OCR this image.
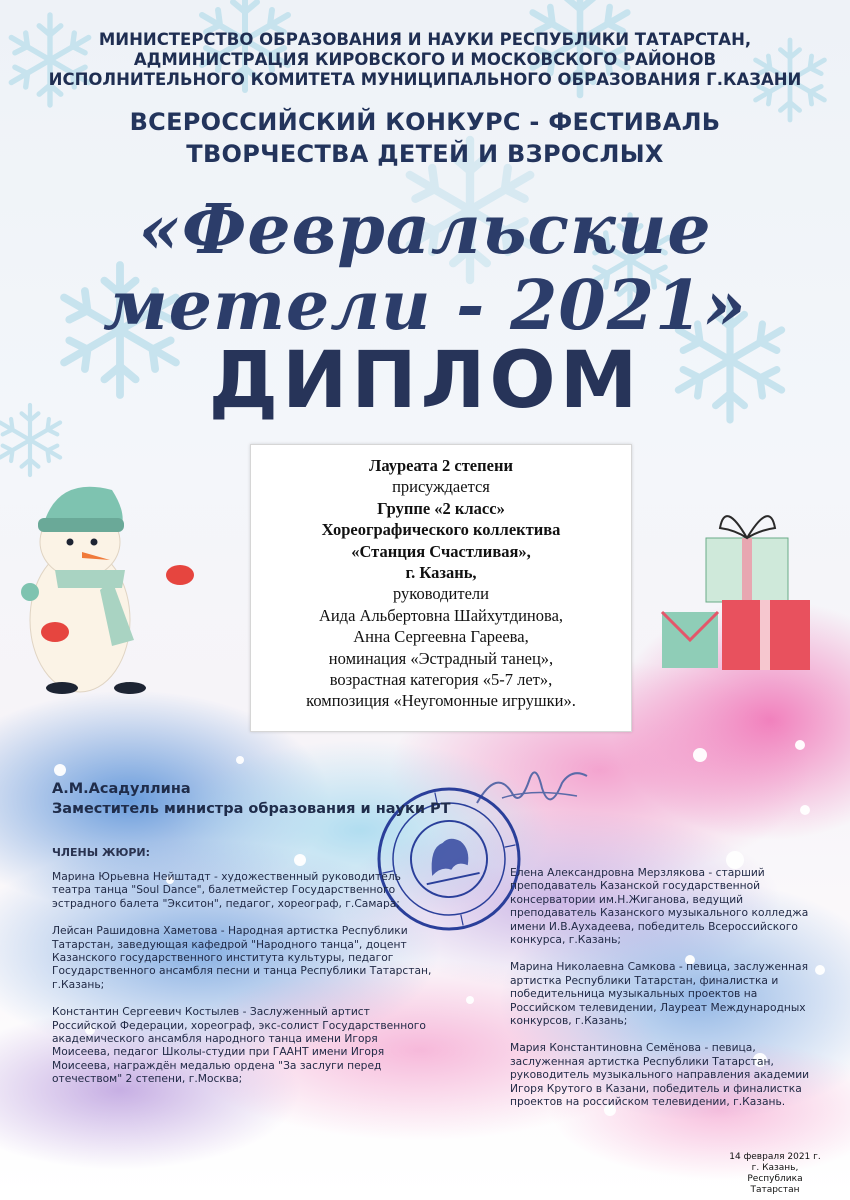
МИНИСТЕРСТВО ОБРАЗОВАНИЯ И НАУКИ РЕСПУБЛИКИ ТАТАРСТАН,
АДМИНИСТРАЦИЯ КИРОВСКОГО И МОСКОВСКОГО РАЙОНОВ
ИСПОЛНИТЕЛЬНОГО КОМИТЕТА МУНИЦИПАЛЬНОГО ОБРАЗОВАНИЯ Г.КАЗАНИ
ВСЕРОССИЙСКИЙ КОНКУРС - ФЕСТИВАЛЬ
ТВОРЧЕСТВА ДЕТЕЙ И ВЗРОСЛЫХ
«Февральские
метели - 2021»
ДИПЛОМ
Лауреата 2 степени
присуждается
Группе «2 класс»
Хореографического коллектива
«Станция Счастливая»,
г. Казань,
руководители
Аида Альбертовна Шайхутдинова,
Анна Сергеевна Гареева,
номинация «Эстрадный танец»,
возрастная категория «5-7 лет»,
композиция «Неугомонные игрушки».
А.М.Асадуллина
Заместитель министра образования и науки РТ
ЧЛЕНЫ ЖЮРИ:

Марина Юрьевна Нейштадт - художественный руководитель театра танца "Soul Dance", балетмейстер Государственного эстрадного балета "Экситон", педагог, хореограф, г.Самара;

Лейсан Рашидовна Хаметова - Народная артистка Республики Татарстан, заведующая кафедрой "Народного танца", доцент Казанского государственного института культуры, педагог Государственного ансамбля песни и танца Республики Татарстан, г.Казань;

Константин Сергеевич Костылев - Заслуженный артист Российской Федерации, хореограф, экс-солист Государственного академического ансамбля народного танца имени Игоря Моисеева, педагог Школы-студии при ГААНТ имени Игоря Моисеева, награждён медалью ордена "За заслуги перед отечеством" 2 степени, г.Москва;

Елена Александровна Мерзлякова - старший преподаватель Казанской государственной консерватории им.Н.Жиганова, ведущий преподаватель Казанского музыкального колледжа имени И.В.Аухадеева, победитель Всероссийского конкурса, г.Казань;

Марина Николаевна Самкова - певица, заслуженная артистка Республики Татарстан, финалистка и победительница музыкальных проектов на Российском телевидении, Лауреат Международных конкурсов, г.Казань;

Мария Константиновна Семёнова - певица, заслуженная артистка Республики Татарстан, руководитель музыкального направления академии Игоря Крутого в Казани, победитель и финалистка проектов на российском телевидении, г.Казань.

14 февраля 2021 г.
г. Казань,
Республика Татарстан
